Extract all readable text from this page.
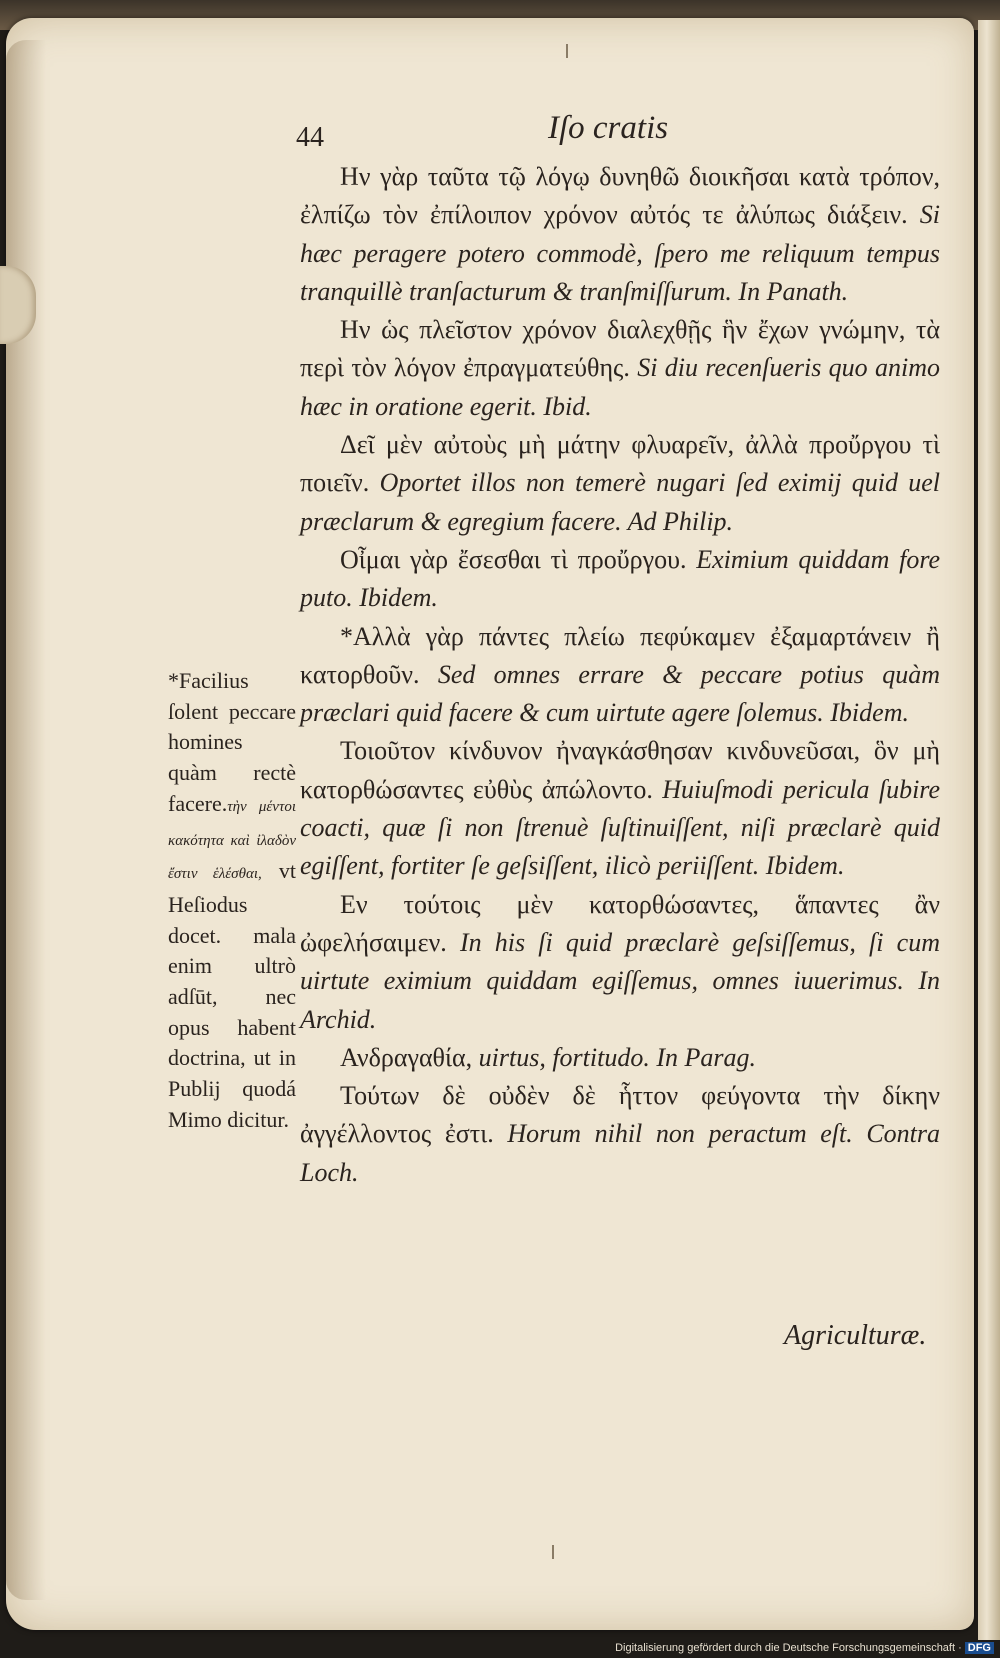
44	Iſo cratis

Ην γὰρ ταῦτα τῷ λόγῳ δυνηθῶ διοικῆσαι κατὰ τρόπον, ἐλπίζω τὸν ἐπίλοιπον χρόνον αὐτός τε ἀλύπως διάξειν. Si hæc peragere potero commodè, ſpero me reliquum tempus tranquillè tranſacturum & tranſmiſſurum. In Panath.

Ην ὡς πλεῖστον χρόνον διαλεχθῇς ἣν ἔχων γνώμην, τὰ περὶ τὸν λόγον ἐπραγματεύθης. Si diu recenſueris quo animo hæc in oratione egerit. Ibid.

Δεῖ μὲν αὐτοὺς μὴ μάτην φλυαρεῖν, ἀλλὰ προὔργου τὶ ποιεῖν. Oportet illos non temerè nugari ſed eximij quid uel præclarum & egregium facere. Ad Philip.

Οἶμαι γὰρ ἔσεσθαι τὶ προὔργου. Eximium quiddam fore puto. Ibidem.

*Αλλὰ γὰρ πάντες πλείω πεφύκαμεν ἐξαμαρτάνειν ἢ κατορθοῦν. Sed omnes errare & peccare potius quàm præclari quid facere & cum uirtute agere ſolemus. Ibidem.

Τοιοῦτον κίνδυνον ἠναγκάσθησαν κινδυνεῦσαι, ὃν μὴ κατορθώσαντες εὐθὺς ἀπώλοντο. Huiuſmodi pericula ſubire coacti, quæ ſi non ſtrenuè ſuſtinuiſſent, niſi præclarè quid egiſſent, fortiter ſe geſsiſſent, ilicò periiſſent. Ibidem.

Εν τούτοις μὲν κατορθώσαντες, ἅπαντες ἂν ὠφελήσαιμεν. In his ſi quid præclarè geſsiſſemus, ſi cum uirtute eximium quiddam egiſſemus, omnes iuuerimus. In Archid.

Ανδραγαθία, uirtus, fortitudo. In Parag.

Τούτων δὲ οὐδὲν δὲ ἧττον φεύγοντα τὴν δίκην ἀγγέλλοντος ἐστι. Horum nihil non peractum eſt. Contra Loch.

*Facilius ſolent peccare homines quàm rectè facere.τὴν μέντοι κακότητα καὶ ἰλαδὸν ἔστιν ἑλέσθαι, vt Heſiodus docet. mala enim ultrò adſūt, nec opus habent doctrina, ut in Publij quodá Mimo dicitur.
Agriculturæ.
Digitalisierung gefördert durch die Deutsche Forschungsgemeinschaft · DFG
